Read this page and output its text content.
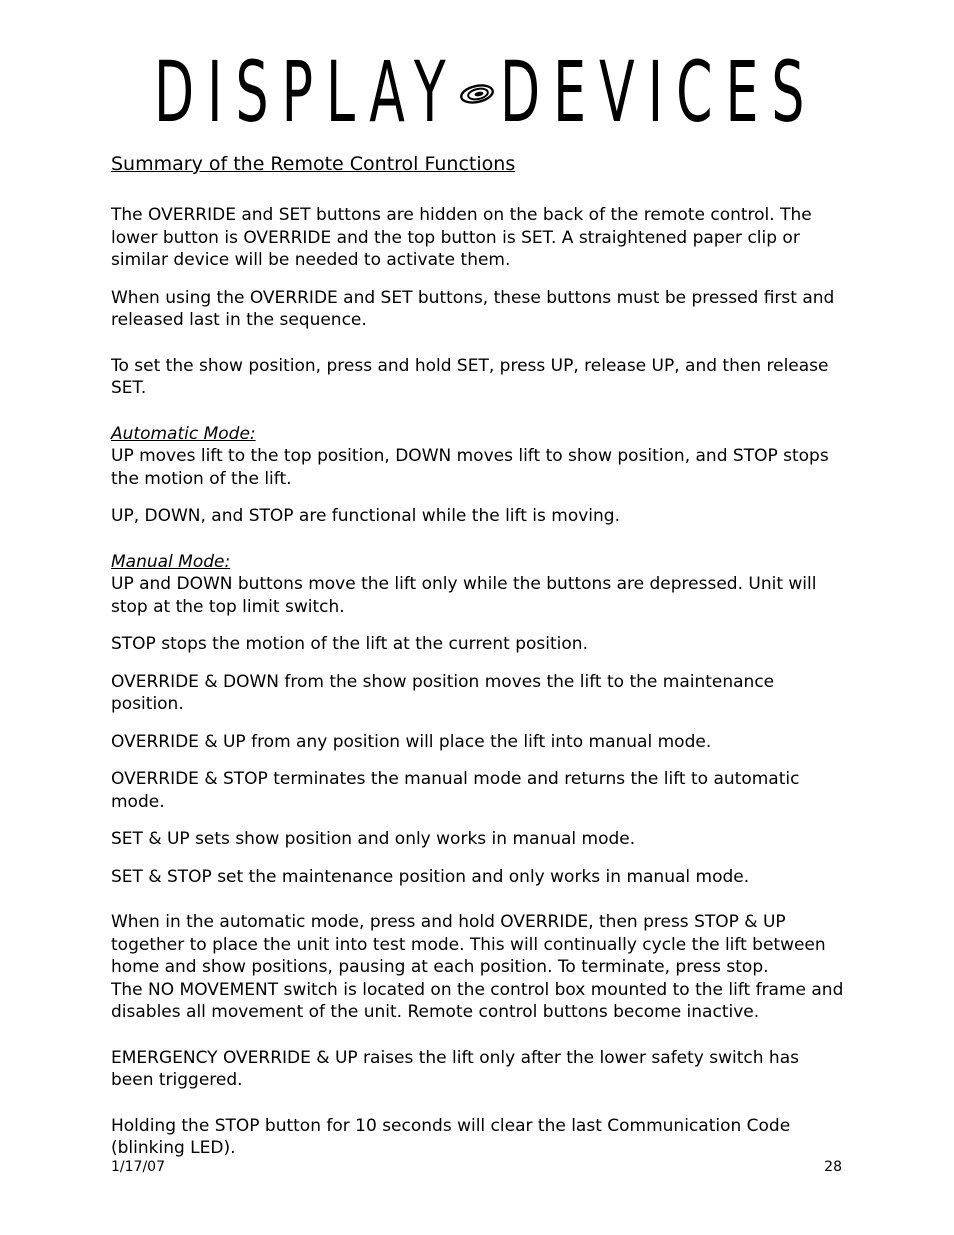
DISPLAY DEVICES
Summary of the Remote Control Functions

The OVERRIDE and SET buttons are hidden on the back of the remote control. The lower button is OVERRIDE and the top button is SET. A straightened paper clip or similar device will be needed to activate them.

When using the OVERRIDE and SET buttons, these buttons must be pressed first and released last in the sequence.

To set the show position, press and hold SET, press UP, release UP, and then release SET.

Automatic Mode:

UP moves lift to the top position, DOWN moves lift to show position, and STOP stops the motion of the lift.

UP, DOWN, and STOP are functional while the lift is moving.

Manual Mode:

UP and DOWN buttons move the lift only while the buttons are depressed. Unit will stop at the top limit switch.

STOP stops the motion of the lift at the current position.

OVERRIDE & DOWN from the show position moves the lift to the maintenance position.

OVERRIDE & UP from any position will place the lift into manual mode.

OVERRIDE & STOP terminates the manual mode and returns the lift to automatic mode.

SET & UP sets show position and only works in manual mode.

SET & STOP set the maintenance position and only works in manual mode.

When in the automatic mode, press and hold OVERRIDE, then press STOP & UP together to place the unit into test mode. This will continually cycle the lift between home and show positions, pausing at each position. To terminate, press stop.

The NO MOVEMENT switch is located on the control box mounted to the lift frame and disables all movement of the unit. Remote control buttons become inactive.

EMERGENCY OVERRIDE & UP raises the lift only after the lower safety switch has been triggered.

Holding the STOP button for 10 seconds will clear the last Communication Code (blinking LED).

1/17/07	28
